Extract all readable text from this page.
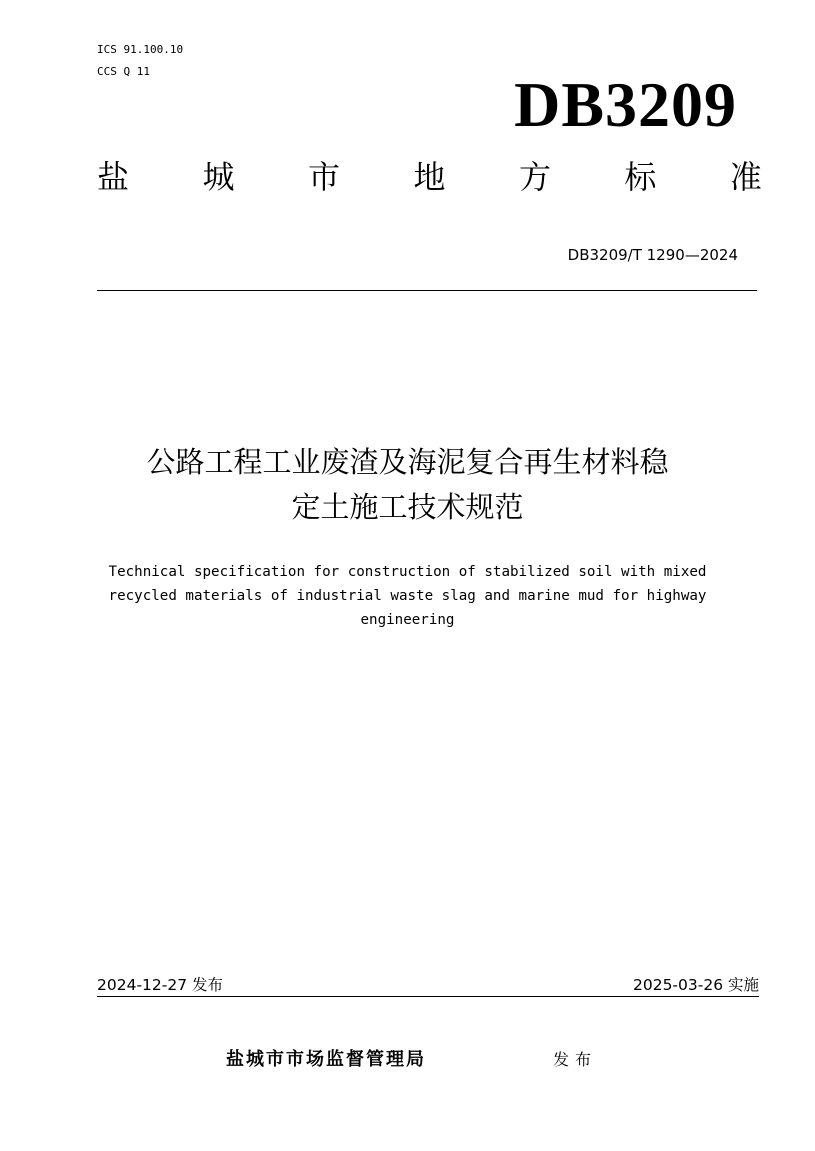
ICS 91.100.10
CCS Q 11	DB3209
盐 城 市 地 方 标 准
DB3209/T 1290—2024
公路工程工业废渣及海泥复合再生材料稳
定土施工技术规范
Technical specification for construction of stabilized soil with mixed
recycled materials of industrial waste slag and marine mud for highway
engineering
2024-12-27 发布	2025-03-26 实施
盐城市市场监督管理局	发布
